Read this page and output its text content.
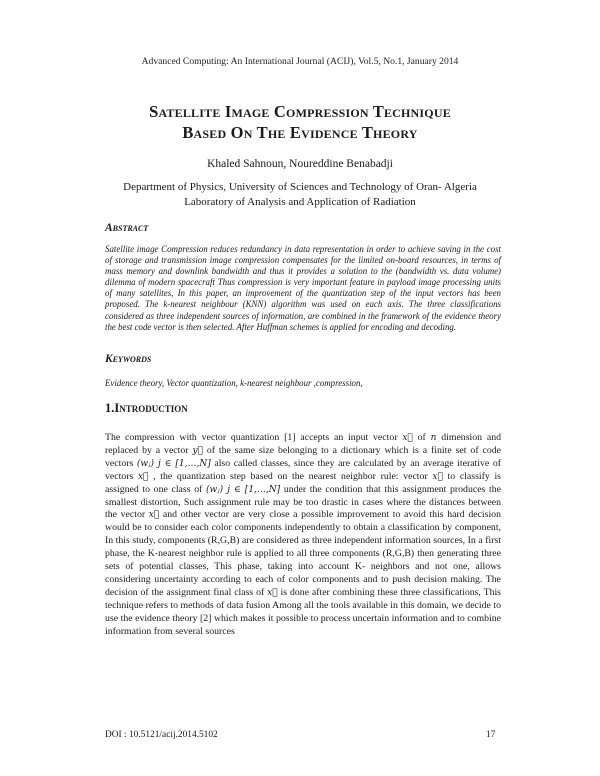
Advanced Computing: An International Journal (ACIJ), Vol.5, No.1, January 2014
Satellite Image Compression Technique
Based On The Evidence Theory
Khaled Sahnoun, Noureddine Benabadji
Department of Physics, University of Sciences and Technology of Oran- Algeria
Laboratory of Analysis and Application of Radiation
Abstract
Satellite image Compression reduces redundancy in data representation in order to achieve saving in the cost of storage and transmission image compression compensates for the limited on-board resources, in terms of mass memory and downlink bandwidth and thus it provides a solution to the (bandwidth vs. data volume) dilemma of modern spacecraft Thus compression is very important feature in payload image processing units of many satellites, In this paper, an improvement of the quantization step of the input vectors has been proposed. The k-nearest neighbour (KNN) algorithm was used on each axis. The three classifications considered as three independent sources of information, are combined in the framework of the evidence theory the best code vector is then selected. After Huffman schemes is applied for encoding and decoding.
Keywords
Evidence theory, Vector quantization, k-nearest neighbour ,compression,
1.Introduction

The compression with vector quantization [1] accepts an input vector x⃗ of n dimension and replaced by a vector y⃗ of the same size belonging to a dictionary which is a finite set of code vectors (wⱼ) j ∈ [1,…,N] also called classes, since they are calculated by an average iterative of vectors x⃗ , the quantization step based on the nearest neighbor rule: vector x⃗ to classify is assigned to one class of (wⱼ) j ∈ [1,…,N] under the condition that this assignment produces the smallest distortion, Such assignment rule may be too drastic in cases where the distances between the vector x⃗ and other vector are very close a possible improvement to avoid this hard decision would be to consider each color components independently to obtain a classification by component, In this study, components (R,G,B) are considered as three independent information sources, In a first phase, the K-nearest neighbor rule is applied to all three components (R,G,B) then generating three sets of potential classes, This phase, taking into account K- neighbors and not one, allows considering uncertainty according to each of color components and to push decision making. The decision of the assignment final class of x⃗ is done after combining these three classifications, This technique refers to methods of data fusion Among all the tools available in this domain, we decide to use the evidence theory [2] which makes it possible to process uncertain information and to combine information from several sources

DOI : 10.5121/acij.2014.5102	17
